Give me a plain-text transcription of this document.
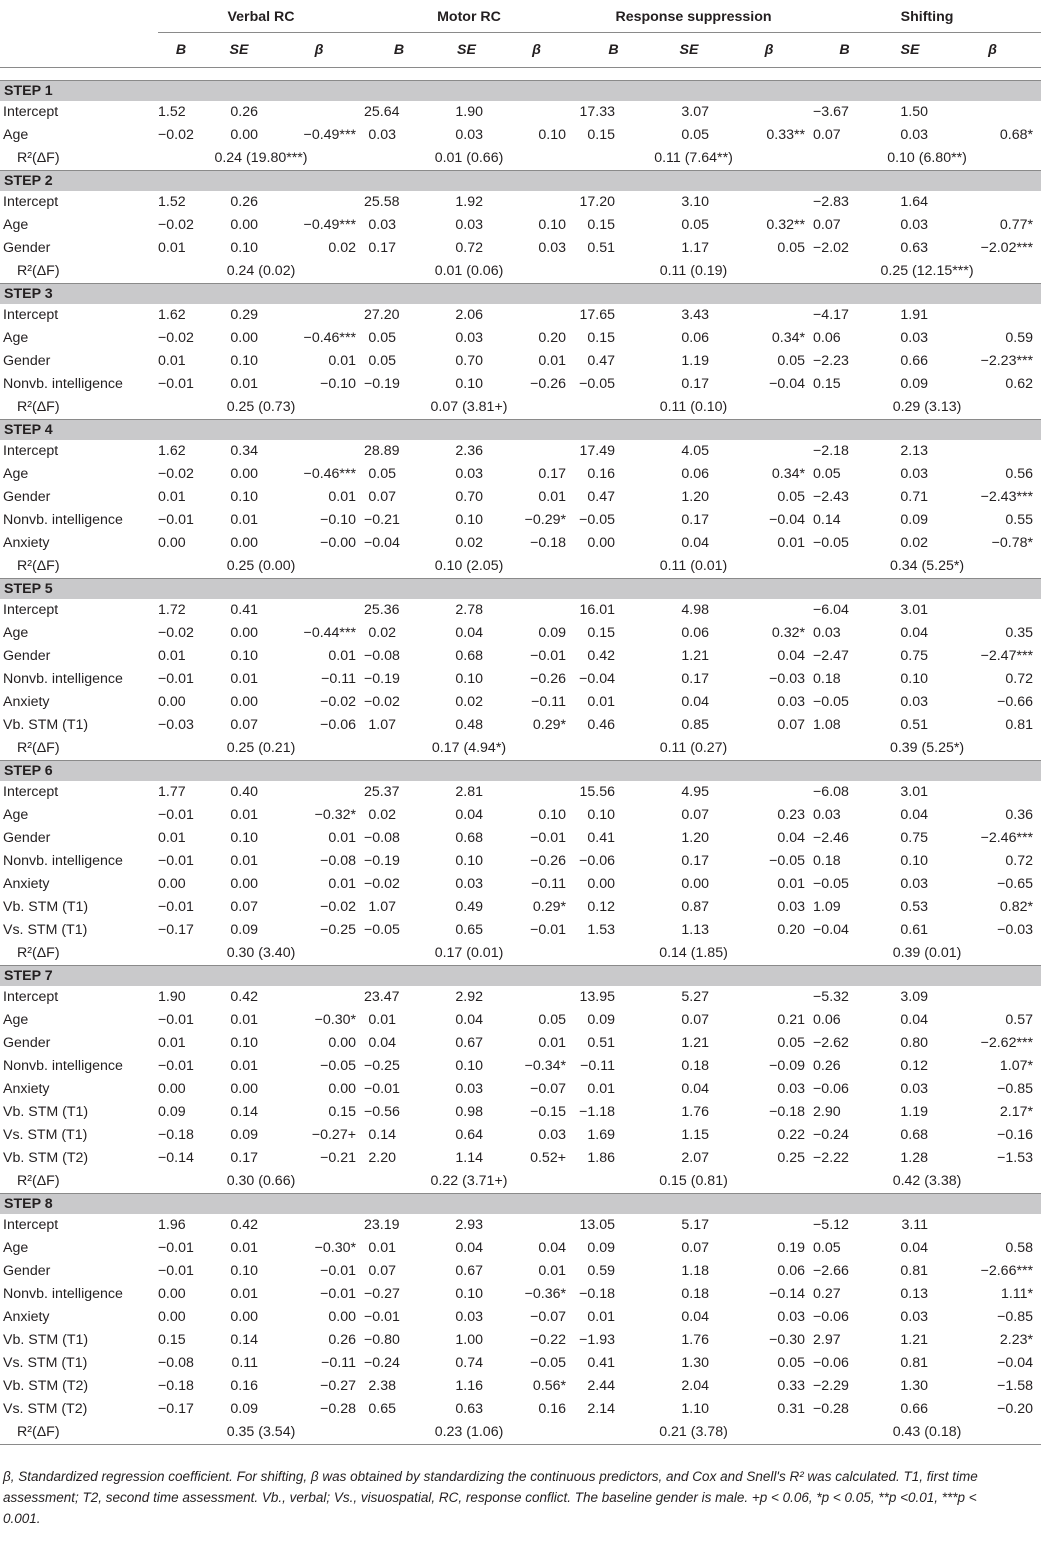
	Verbal RC			Motor RC			Response suppression			Shifting		
	B	SE	β	B	SE	β	B	SE	β	B	SE	β

STEP 1												
Intercept	1.52	0.26		25.64	1.90		17.33	3.07		−3.67	1.50	
Age	−0.02	0.00	−0.49***	0.03	0.03	0.10	0.15	0.05	0.33**	0.07	0.03	0.68*
R²(ΔF)	0.24 (19.80***)			0.01 (0.66)			0.11 (7.64**)			0.10 (6.80**)		
STEP 2												
Intercept	1.52	0.26		25.58	1.92		17.20	3.10		−2.83	1.64	
Age	−0.02	0.00	−0.49***	0.03	0.03	0.10	0.15	0.05	0.32**	0.07	0.03	0.77*
Gender	0.01	0.10	0.02	0.17	0.72	0.03	0.51	1.17	0.05	−2.02	0.63	−2.02***
R²(ΔF)	0.24 (0.02)			0.01 (0.06)			0.11 (0.19)			0.25 (12.15***)		
STEP 3												
Intercept	1.62	0.29		27.20	2.06		17.65	3.43		−4.17	1.91	
Age	−0.02	0.00	−0.46***	0.05	0.03	0.20	0.15	0.06	0.34*	0.06	0.03	0.59
Gender	0.01	0.10	0.01	0.05	0.70	0.01	0.47	1.19	0.05	−2.23	0.66	−2.23***
Nonvb. intelligence	−0.01	0.01	−0.10	−0.19	0.10	−0.26	−0.05	0.17	−0.04	0.15	0.09	0.62
R²(ΔF)	0.25 (0.73)			0.07 (3.81+)			0.11 (0.10)			0.29 (3.13)		
STEP 4												
Intercept	1.62	0.34		28.89	2.36		17.49	4.05		−2.18	2.13	
Age	−0.02	0.00	−0.46***	0.05	0.03	0.17	0.16	0.06	0.34*	0.05	0.03	0.56
Gender	0.01	0.10	0.01	0.07	0.70	0.01	0.47	1.20	0.05	−2.43	0.71	−2.43***
Nonvb. intelligence	−0.01	0.01	−0.10	−0.21	0.10	−0.29*	−0.05	0.17	−0.04	0.14	0.09	0.55
Anxiety	0.00	0.00	−0.00	−0.04	0.02	−0.18	0.00	0.04	0.01	−0.05	0.02	−0.78*
R²(ΔF)	0.25 (0.00)			0.10 (2.05)			0.11 (0.01)			0.34 (5.25*)		
STEP 5												
Intercept	1.72	0.41		25.36	2.78		16.01	4.98		−6.04	3.01	
Age	−0.02	0.00	−0.44***	0.02	0.04	0.09	0.15	0.06	0.32*	0.03	0.04	0.35
Gender	0.01	0.10	0.01	−0.08	0.68	−0.01	0.42	1.21	0.04	−2.47	0.75	−2.47***
Nonvb. intelligence	−0.01	0.01	−0.11	−0.19	0.10	−0.26	−0.04	0.17	−0.03	0.18	0.10	0.72
Anxiety	0.00	0.00	−0.02	−0.02	0.02	−0.11	0.01	0.04	0.03	−0.05	0.03	−0.66
Vb. STM (T1)	−0.03	0.07	−0.06	1.07	0.48	0.29*	0.46	0.85	0.07	1.08	0.51	0.81
R²(ΔF)	0.25 (0.21)			0.17 (4.94*)			0.11 (0.27)			0.39 (5.25*)		
STEP 6												
Intercept	1.77	0.40		25.37	2.81		15.56	4.95		−6.08	3.01	
Age	−0.01	0.01	−0.32*	0.02	0.04	0.10	0.10	0.07	0.23	0.03	0.04	0.36
Gender	0.01	0.10	0.01	−0.08	0.68	−0.01	0.41	1.20	0.04	−2.46	0.75	−2.46***
Nonvb. intelligence	−0.01	0.01	−0.08	−0.19	0.10	−0.26	−0.06	0.17	−0.05	0.18	0.10	0.72
Anxiety	0.00	0.00	0.01	−0.02	0.03	−0.11	0.00	0.00	0.01	−0.05	0.03	−0.65
Vb. STM (T1)	−0.01	0.07	−0.02	1.07	0.49	0.29*	0.12	0.87	0.03	1.09	0.53	0.82*
Vs. STM (T1)	−0.17	0.09	−0.25	−0.05	0.65	−0.01	1.53	1.13	0.20	−0.04	0.61	−0.03
R²(ΔF)	0.30 (3.40)			0.17 (0.01)			0.14 (1.85)			0.39 (0.01)		
STEP 7												
Intercept	1.90	0.42		23.47	2.92		13.95	5.27		−5.32	3.09	
Age	−0.01	0.01	−0.30*	0.01	0.04	0.05	0.09	0.07	0.21	0.06	0.04	0.57
Gender	0.01	0.10	0.00	0.04	0.67	0.01	0.51	1.21	0.05	−2.62	0.80	−2.62***
Nonvb. intelligence	−0.01	0.01	−0.05	−0.25	0.10	−0.34*	−0.11	0.18	−0.09	0.26	0.12	1.07*
Anxiety	0.00	0.00	0.00	−0.01	0.03	−0.07	0.01	0.04	0.03	−0.06	0.03	−0.85
Vb. STM (T1)	0.09	0.14	0.15	−0.56	0.98	−0.15	−1.18	1.76	−0.18	2.90	1.19	2.17*
Vs. STM (T1)	−0.18	0.09	−0.27+	0.14	0.64	0.03	1.69	1.15	0.22	−0.24	0.68	−0.16
Vb. STM (T2)	−0.14	0.17	−0.21	2.20	1.14	0.52+	1.86	2.07	0.25	−2.22	1.28	−1.53
R²(ΔF)	0.30 (0.66)			0.22 (3.71+)			0.15 (0.81)			0.42 (3.38)		
STEP 8												
Intercept	1.96	0.42		23.19	2.93		13.05	5.17		−5.12	3.11	
Age	−0.01	0.01	−0.30*	0.01	0.04	0.04	0.09	0.07	0.19	0.05	0.04	0.58
Gender	−0.01	0.10	−0.01	0.07	0.67	0.01	0.59	1.18	0.06	−2.66	0.81	−2.66***
Nonvb. intelligence	0.00	0.01	−0.01	−0.27	0.10	−0.36*	−0.18	0.18	−0.14	0.27	0.13	1.11*
Anxiety	0.00	0.00	0.00	−0.01	0.03	−0.07	0.01	0.04	0.03	−0.06	0.03	−0.85
Vb. STM (T1)	0.15	0.14	0.26	−0.80	1.00	−0.22	−1.93	1.76	−0.30	2.97	1.21	2.23*
Vs. STM (T1)	−0.08	0.11	−0.11	−0.24	0.74	−0.05	0.41	1.30	0.05	−0.06	0.81	−0.04
Vb. STM (T2)	−0.18	0.16	−0.27	2.38	1.16	0.56*	2.44	2.04	0.33	−2.29	1.30	−1.58
Vs. STM (T2)	−0.17	0.09	−0.28	0.65	0.63	0.16	2.14	1.10	0.31	−0.28	0.66	−0.20
R²(ΔF)	0.35 (3.54)			0.23 (1.06)			0.21 (3.78)			0.43 (0.18)		
β, Standardized regression coefficient. For shifting, β was obtained by standardizing the continuous predictors, and Cox and Snell's R² was calculated. T1, first time assessment; T2, second time assessment. Vb., verbal; Vs., visuospatial, RC, response conflict. The baseline gender is male. +p < 0.06, *p < 0.05, **p <0.01, ***p < 0.001.
